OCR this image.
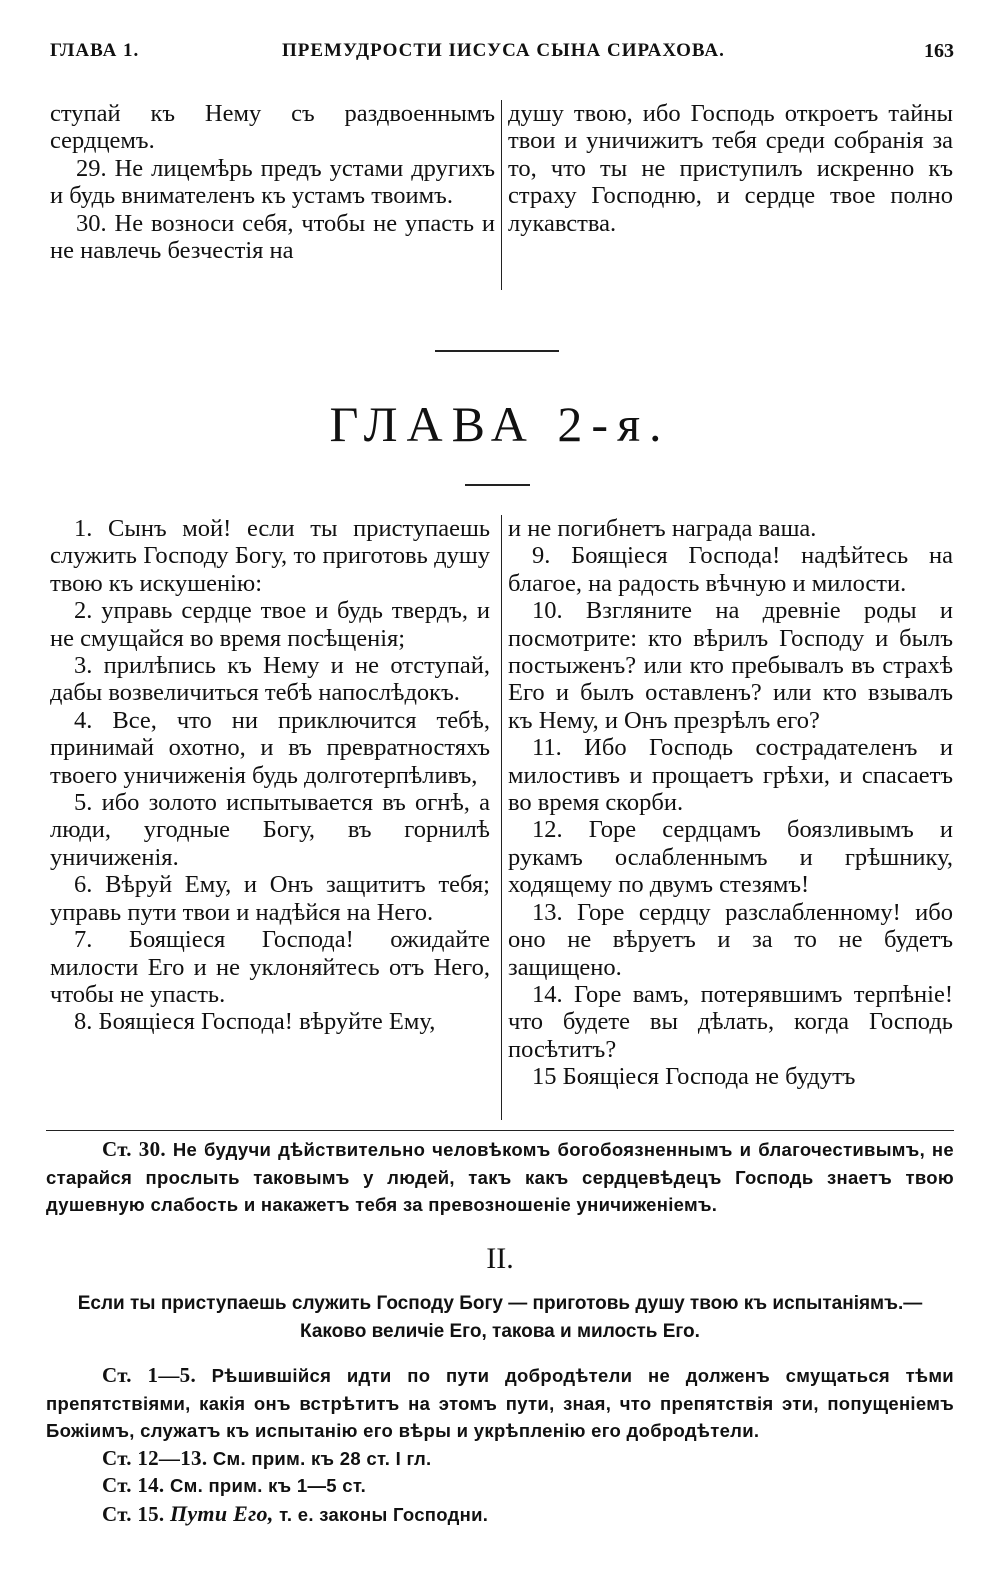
ГЛАВА 1.	ПРЕМУДРОСТИ IИСУСА СЫНА СИРАХОВА.	163

ступай къ Нему съ раздвоеннымъ сердцемъ.

29. Не лицемѣрь предъ устами другихъ и будь внимателенъ къ устамъ твоимъ.

30. Не возноси себя, чтобы не упасть и не навлечь безчестія на

душу твою, ибо Господь откроетъ тайны твои и уничижитъ тебя среди собранія за то, что ты не приступилъ искренно къ страху Господню, и сердце твое полно лукавства.

ГЛАВА 2-я.

1. Сынъ мой! если ты приступаешь служить Господу Богу, то приготовь душу твою къ искушенію:

2. управь сердце твое и будь твердъ, и не смущайся во время посѣщенія;

3. прилѣпись къ Нему и не отступай, дабы возвеличиться тебѣ напослѣдокъ.

4. Все, что ни приключится тебѣ, принимай охотно, и въ превратностяхъ твоего уничиженія будь долготерпѣливъ,

5. ибо золото испытывается въ огнѣ, а люди, угодные Богу, въ горнилѣ уничиженія.

6. Вѣруй Ему, и Онъ защититъ тебя; управь пути твои и надѣйся на Него.

7. Боящіеся Господа! ожидайте милости Его и не уклоняйтесь отъ Него, чтобы не упасть.

8. Боящіеся Господа! вѣруйте Ему,

и не погибнетъ награда ваша.

9. Боящіеся Господа! надѣйтесь на благое, на радость вѣчную и милости.

10. Взгляните на древніе роды и посмотрите: кто вѣрилъ Господу и былъ постыженъ? или кто пребывалъ въ страхѣ Его и былъ оставленъ? или кто взывалъ къ Нему, и Онъ презрѣлъ его?

11. Ибо Господь сострадателенъ и милостивъ и прощаетъ грѣхи, и спасаетъ во время скорби.

12. Горе сердцамъ боязливымъ и рукамъ ослабленнымъ и грѣшнику, ходящему по двумъ стезямъ!

13. Горе сердцу разслабленному! ибо оно не вѣруетъ и за то не будетъ защищено.

14. Горе вамъ, потерявшимъ терпѣніе! что будете вы дѣлать, когда Господь посѣтитъ?

15 Боящіеся Господа не будутъ

Ст. 30. Не будучи дѣйствительно человѣкомъ богобоязненнымъ и благочестивымъ, не старайся прослыть таковымъ у людей, такъ какъ сердцевѣдецъ Господь знаетъ твою душевную слабость и накажетъ тебя за превозношеніе уничиженіемъ.

II.
Если ты приступаешь служить Господу Богу — приготовь душу твою къ испытаніямъ.—Каково величіе Его, такова и милость Его.

Ст. 1—5. Рѣшившійся идти по пути добродѣтели не долженъ смущаться тѣми препятствіями, какія онъ встрѣтитъ на этомъ пути, зная, что препятствія эти, попущеніемъ Божіимъ, служатъ къ испытанію его вѣры и укрѣпленію его добродѣтели.

Ст. 12—13. См. прим. къ 28 ст. I гл.

Ст. 14. См. прим. къ 1—5 ст.

Ст. 15. Пути Его, т. е. законы Господни.
